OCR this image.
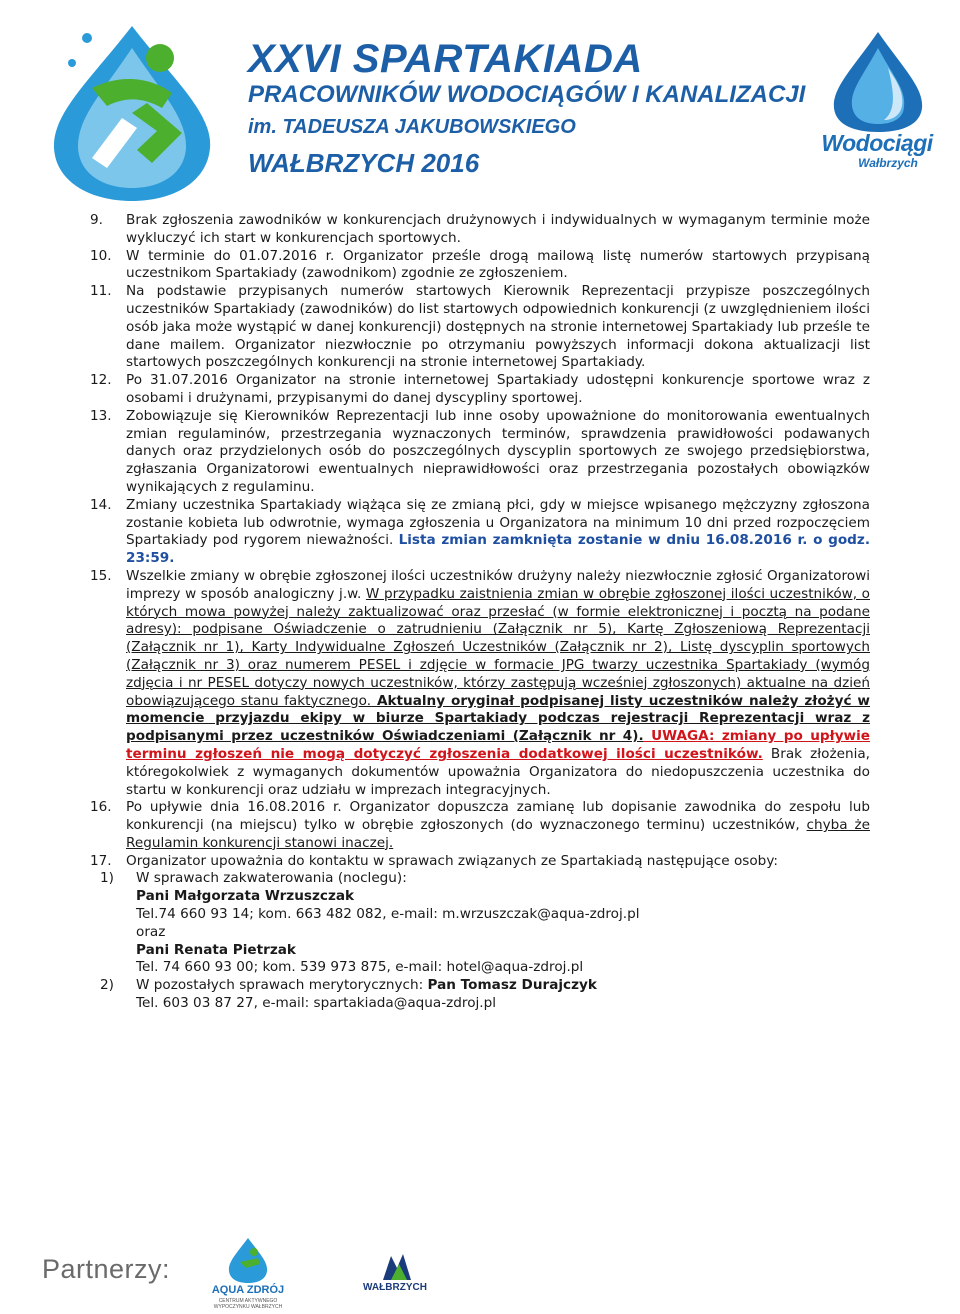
XXVI SPARTAKIADA
PRACOWNIKÓW WODOCIĄGÓW I KANALIZACJI
im. TADEUSZA JAKUBOWSKIEGO
WAŁBRZYCH 2016
Wodociągi
Wałbrzych
9. Brak zgłoszenia zawodników w konkurencjach drużynowych i indywidualnych w wymaganym terminie może wykluczyć ich start w konkurencjach sportowych.
10. W terminie do 01.07.2016 r. Organizator prześle drogą mailową listę numerów startowych przypisaną uczestnikom Spartakiady (zawodnikom) zgodnie ze zgłoszeniem.
11. Na podstawie przypisanych numerów startowych Kierownik Reprezentacji przypisze poszczególnych uczestników Spartakiady (zawodników) do list startowych odpowiednich konkurencji (z uwzględnieniem ilości osób jaka może wystąpić w danej konkurencji) dostępnych na stronie internetowej Spartakiady lub prześle te dane mailem. Organizator niezwłocznie po otrzymaniu powyższych informacji dokona aktualizacji list startowych poszczególnych konkurencji na stronie internetowej Spartakiady.
12. Po 31.07.2016 Organizator na stronie internetowej Spartakiady udostępni konkurencje sportowe wraz z osobami i drużynami, przypisanymi do danej dyscypliny sportowej.
13. Zobowiązuje się Kierowników Reprezentacji lub inne osoby upoważnione do monitorowania ewentualnych zmian regulaminów, przestrzegania wyznaczonych terminów, sprawdzenia prawidłowości podawanych danych oraz przydzielonych osób do poszczególnych dyscyplin sportowych ze swojego przedsiębiorstwa, zgłaszania Organizatorowi ewentualnych nieprawidłowości oraz przestrzegania pozostałych obowiązków wynikających z regulaminu.
14. Zmiany uczestnika Spartakiady wiążąca się ze zmianą płci, gdy w miejsce wpisanego mężczyzny zgłoszona zostanie kobieta lub odwrotnie, wymaga zgłoszenia u Organizatora na minimum 10 dni przed rozpoczęciem Spartakiady pod rygorem nieważności. Lista zmian zamknięta zostanie w dniu 16.08.2016 r. o godz. 23:59.
15. Wszelkie zmiany w obrębie zgłoszonej ilości uczestników drużyny należy niezwłocznie zgłosić Organizatorowi imprezy w sposób analogiczny j.w. W przypadku zaistnienia zmian w obrębie zgłoszonej ilości uczestników, o których mowa powyżej należy zaktualizować oraz przesłać (w formie elektronicznej i pocztą na podane adresy): podpisane Oświadczenie o zatrudnieniu (Załącznik nr 5), Kartę Zgłoszeniową Reprezentacji (Załącznik nr 1), Karty Indywidualne Zgłoszeń Uczestników (Załącznik nr 2), Listę dyscyplin sportowych (Załącznik nr 3) oraz numerem PESEL i zdjęcie w formacie JPG twarzy uczestnika Spartakiady (wymóg zdjęcia i nr PESEL dotyczy nowych uczestników, którzy zastępują wcześniej zgłoszonych) aktualne na dzień obowiązującego stanu faktycznego. Aktualny oryginał podpisanej listy uczestników należy złożyć w momencie przyjazdu ekipy w biurze Spartakiady podczas rejestracji Reprezentacji wraz z podpisanymi przez uczestników Oświadczeniami (Załącznik nr 4). UWAGA: zmiany po upływie terminu zgłoszeń nie mogą dotyczyć zgłoszenia dodatkowej ilości uczestników. Brak złożenia, któregokolwiek z wymaganych dokumentów upoważnia Organizatora do niedopuszczenia uczestnika do startu w konkurencji oraz udziału w imprezach integracyjnych.
16. Po upływie dnia 16.08.2016 r. Organizator dopuszcza zamianę lub dopisanie zawodnika do zespołu lub konkurencji (na miejscu) tylko w obrębie zgłoszonych (do wyznaczonego terminu) uczestników, chyba że Regulamin konkurencji stanowi inaczej.
17. Organizator upoważnia do kontaktu w sprawach związanych ze Spartakiadą następujące osoby:
1) W sprawach zakwaterowania (noclegu):
Pani Małgorzata Wrzuszczak
Tel.74 660 93 14; kom. 663 482 082, e-mail: m.wrzuszczak@aqua-zdroj.pl
oraz
Pani Renata Pietrzak
Tel. 74 660 93 00; kom. 539 973 875, e-mail: hotel@aqua-zdroj.pl
2) W pozostałych sprawach merytorycznych: Pan Tomasz Durajczyk
Tel. 603 03 87 27, e-mail: spartakiada@aqua-zdroj.pl
Partnerzy:
AQUA ZDRÓJ
CENTRUM AKTYWNEGO WYPOCZYNKU WAŁBRZYCH
WAŁBRZYCH
